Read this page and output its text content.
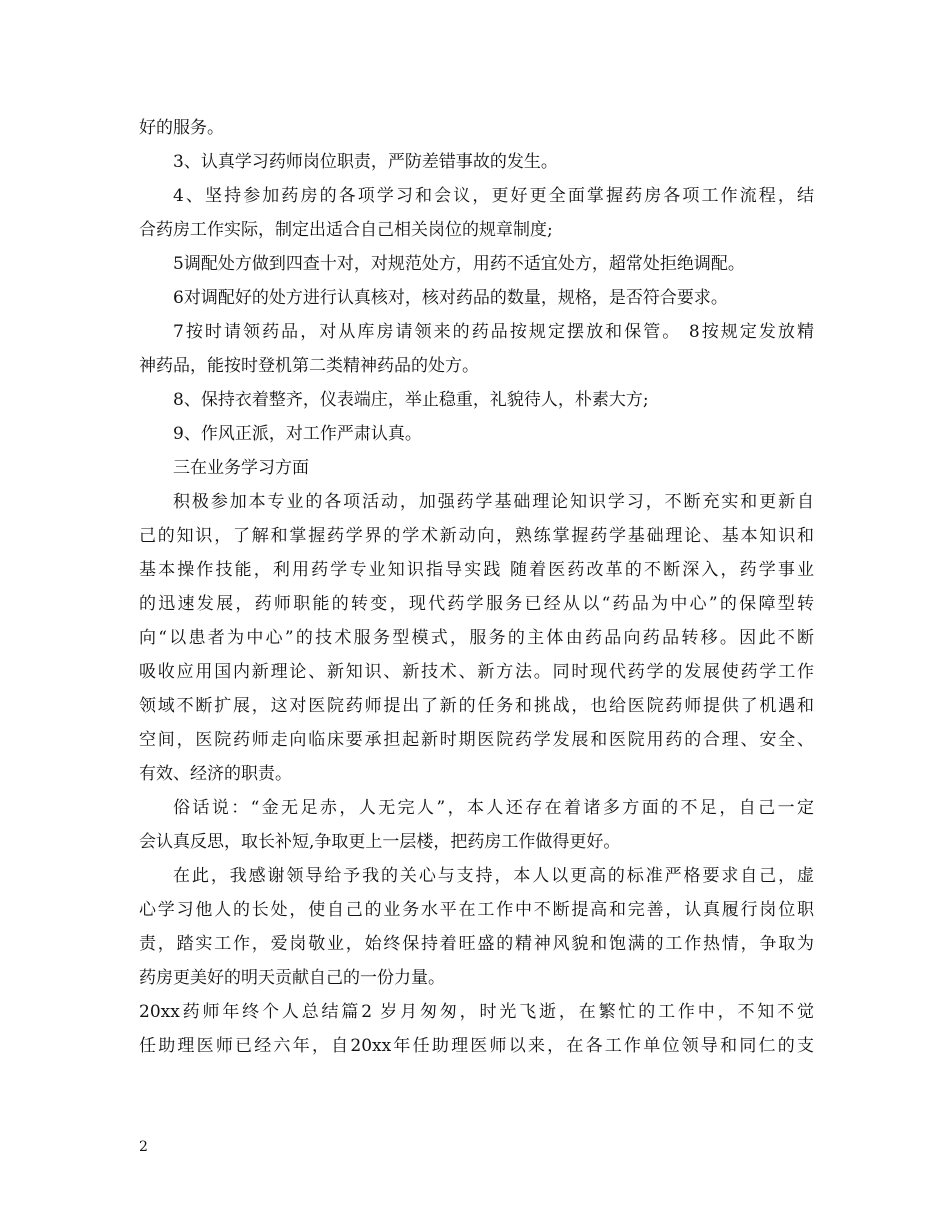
好的服务。
3、认真学习药师岗位职责，严防差错事故的发生。
4、坚持参加药房的各项学习和会议，更好更全面掌握药房各项工作流程，结
合药房工作实际，制定出适合自己相关岗位的规章制度;
5调配处方做到四查十对，对规范处方，用药不适宜处方，超常处拒绝调配。
6对调配好的处方进行认真核对，核对药品的数量，规格，是否符合要求。
7按时请领药品，对从库房请领来的药品按规定摆放和保管。 8按规定发放精
神药品，能按时登机第二类精神药品的处方。
8、保持衣着整齐，仪表端庄，举止稳重，礼貌待人，朴素大方;
9、作风正派，对工作严肃认真。
三在业务学习方面
积极参加本专业的各项活动，加强药学基础理论知识学习，不断充实和更新自
己的知识，了解和掌握药学界的学术新动向，熟练掌握药学基础理论、基本知识和
基本操作技能，利用药学专业知识指导实践 随着医药改革的不断深入，药学事业
的迅速发展，药师职能的转变，现代药学服务已经从以“药品为中心”的保障型转
向“以患者为中心”的技术服务型模式，服务的主体由药品向药品转移。因此不断
吸收应用国内新理论、新知识、新技术、新方法。同时现代药学的发展使药学工作
领域不断扩展，这对医院药师提出了新的任务和挑战，也给医院药师提供了机遇和
空间，医院药师走向临床要承担起新时期医院药学发展和医院用药的合理、安全、
有效、经济的职责。
俗话说：“金无足赤，人无完人”，本人还存在着诸多方面的不足，自己一定
会认真反思，取长补短,争取更上一层楼，把药房工作做得更好。
在此，我感谢领导给予我的关心与支持，本人以更高的标准严格要求自己，虚
心学习他人的长处，使自己的业务水平在工作中不断提高和完善，认真履行岗位职
责，踏实工作，爱岗敬业，始终保持着旺盛的精神风貌和饱满的工作热情，争取为
药房更美好的明天贡献自己的一份力量。
20xx药师年终个人总结篇2 岁月匆匆，时光飞逝，在繁忙的工作中，不知不觉
任助理医师已经六年，自20xx年任助理医师以来，在各工作单位领导和同仁的支
2
